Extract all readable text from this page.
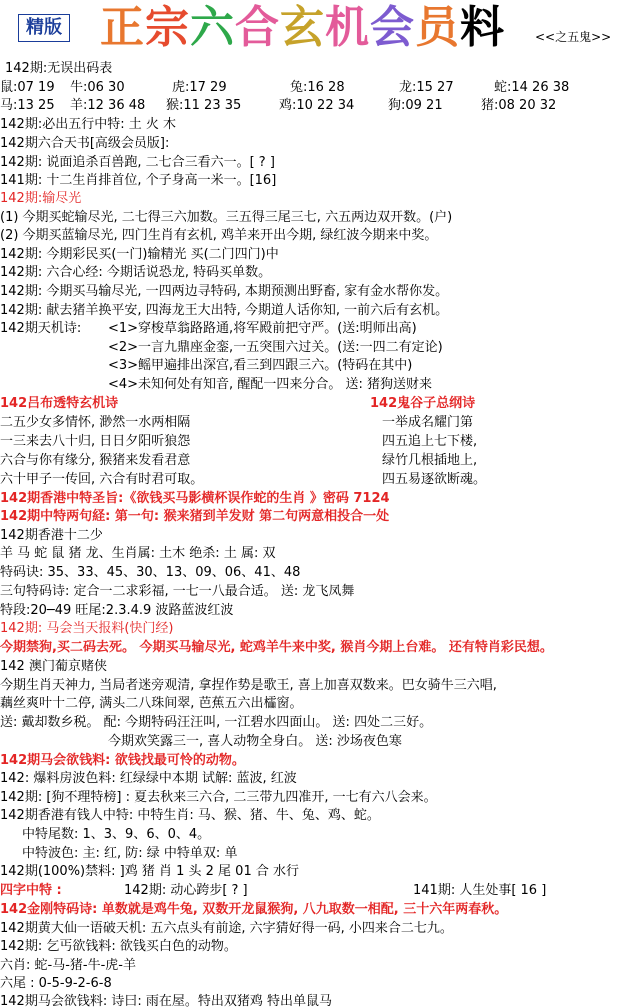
精版 正宗六合玄机会员料	<<之五鬼>>
142期:无误出码表
鼠:07 19 牛:06 30	虎:17 29	兔:16 28	龙:15 27	蛇:14 26 38
马:13 25 羊:12 36 48 猴:11 23 35	鸡:10 22 34	狗:09 21	猪:08 20 32
142期:必出五行中特: 土 火 木
142期六合天书[高级会员版]:
142期: 说面追杀百兽跑, 二七合三看六一。[ ? ]
141期: 十二生肖排首位, 个子身高一米一。[16]
142期:输尽光
(1) 今期买蛇输尽光, 二七得三六加数。三五得三尾三七, 六五两边双开数。(户)
(2) 今期买蓝输尽光, 四门生肖有玄机, 鸡羊来开出今期, 绿红波今期来中奖。
142期: 今期彩民买(一门)输精光 买(二门四门)中
142期: 六合心经: 今期话说恐龙, 特码买单数。
142期: 今期买马输尽光, 一四两边寻特码, 本期预测出野畜, 家有金水帮你发。
142期: 献去猪羊换平安, 四海龙王大出特, 今期道人话你知, 一前六后有玄机。
142期天机诗: <1>穿梭草翁路路通,将军殿前把守严。(送:明师出高)
<2>一言九鼎座金銮,一五突围六过关。(送:一四二有定论)
<3>鳐甲遍排出深宫,看三到四跟三六。(特码在其中)
<4>未知何处有知音, 醒配一四来分合。 送: 猪狗送财来
142吕布透特玄机诗	142鬼谷子总纲诗
二五少女多情怀, 渺然一水两相隔	一举成名耀门第
一三来去八十归, 日日夕阳听狼怨	四五追上七下楼,
六合与你有缘分, 猴猪来发看君意	绿竹几根插地上,
六十甲子一传回, 六合有时君可取。	四五易逐欲断魂。
142期香港中特圣旨:《欲钱买马影横杯误作蛇的生肖 》密码 7124
142期中特两句経: 第一句: 猴来猪到羊发财 第二句两意相投合一处
142期香港十二少
羊 马 蛇 鼠 猪 龙、生肖属: 土木 绝杀: 土 属: 双
特码诀: 35、33、45、30、13、09、06、41、48
三句特码诗: 定合一二求彩福, 一七一八最合适。 送: 龙飞凤舞
特段:20─49 旺尾:2.3.4.9 波路蓝波红波
142期: 马会当天报料(快门经)
今期禁狗,买二码去死。 今期买马输尽光, 蛇鸡羊牛来中奖, 猴肖今期上台难。 还有特肖彩民想。
142 澳门葡京赌侠
今期生肖天神力, 当局者迷旁观清, 拿捏作势是歌王, 喜上加喜双数来。巴女骑牛三六唱,
藕丝爽叶十二停, 满头二八珠间翠, 芭蕉五六出櫺窗。
送: 戴却数乡税。 配: 今期特码汪汪叫, 一江碧水四面山。 送: 四处二三好。
今期欢笑露三一, 喜人动物全身白。 送: 沙场夜色寒
142期马会欲钱料: 欲钱找最可怜的动物。
142: 爆料房波色料: 红绿绿中本期 试解: 蓝波, 红波
142期: [狗不理特榜] : 夏去秋来三六合, 二三带九四准开, 一七有六八会来。
142期香港有钱人中特: 中特生肖: 马、猴、猪、牛、兔、鸡、蛇。
中特尾数: 1、3、9、6、0、4。
中特波色: 主: 红, 防: 绿 中特单双: 单
142期(100%)禁料: ]鸡 猪 肖 1 头 2 尾 01 合 水行
四字中特 :	142期: 动心跨步[ ? ]	141期: 人生处事[ 16 ]
142金刚特码诗: 单数就是鸡牛兔, 双数开龙鼠猴狗, 八九取数一相配, 三十六年两春秋。
142期黄大仙一语破天机: 五六点头有前途, 六字猜好得一码, 小四来合二七九。
142期: 乞丐欲钱料: 欲钱买白色的动物。
六肖: 蛇-马-猪-牛-虎-羊
六尾 : 0-5-9-2-6-8
142期马会欲钱料: 诗曰: 雨在屋。特出双猪鸡 特出单鼠马
